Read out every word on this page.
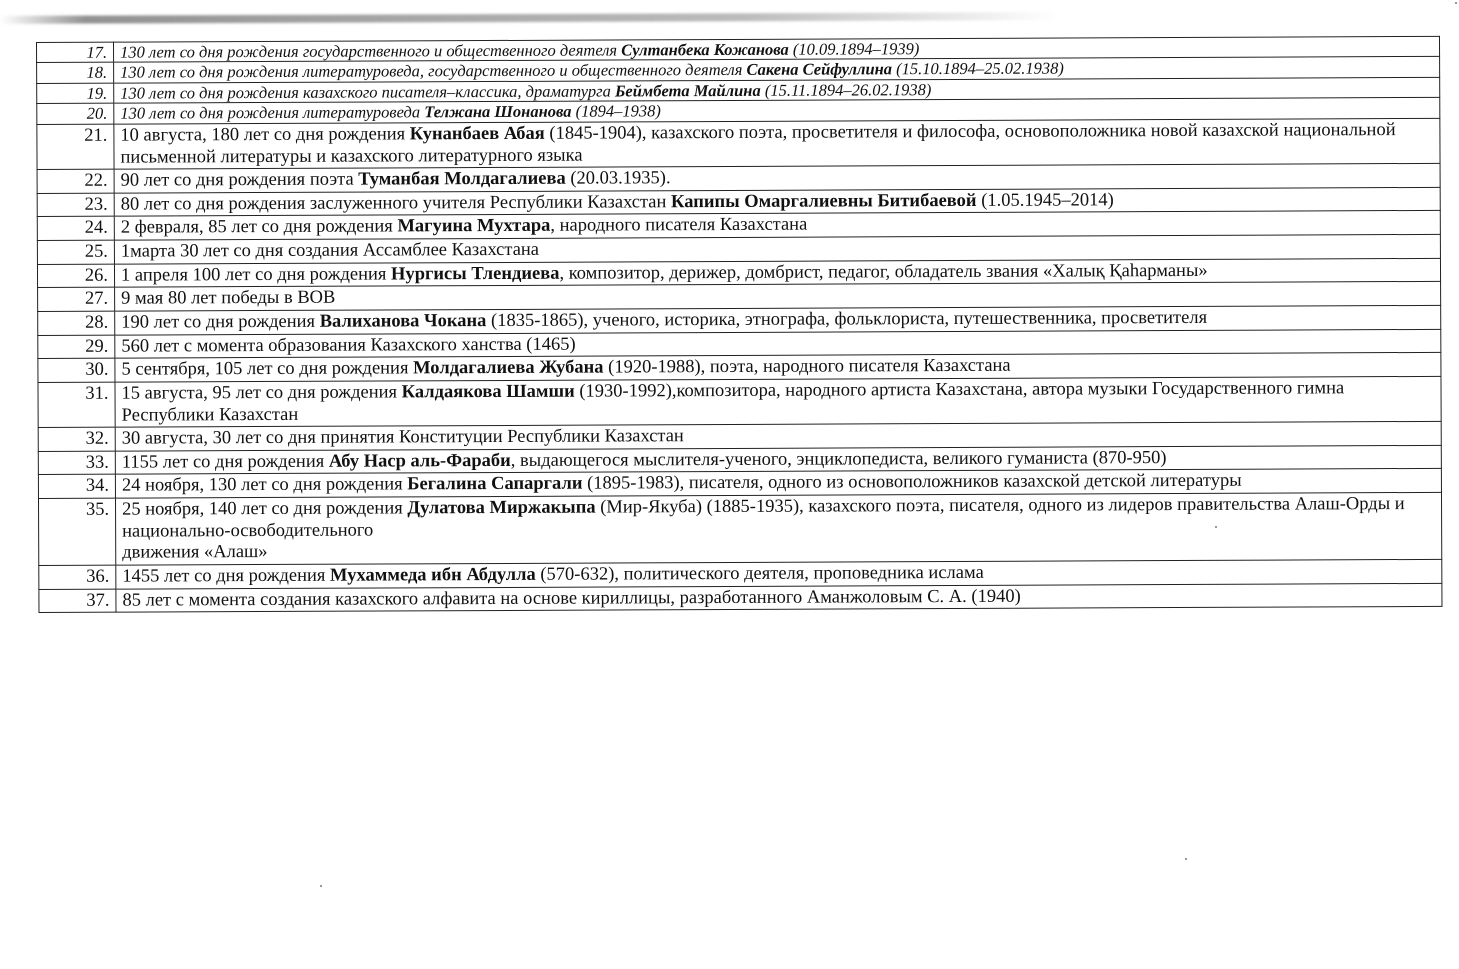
17.	130 лет со дня рождения государственного и общественного деятеля Султанбека Кожанова (10.09.1894–1939)
18.	130 лет со дня рождения литературоведа, государственного и общественного деятеля Сакена Сейфуллина (15.10.1894–25.02.1938)
19.	130 лет со дня рождения казахского писателя–классика, драматурга Беймбета Майлина (15.11.1894–26.02.1938)
20.	130 лет со дня рождения литературоведа Телжана Шонанова (1894–1938)
21.	10 августа, 180 лет со дня рождения Кунанбаев Абая (1845-1904), казахского поэта, просветителя и философа, основоположника новой казахской национальной письменной литературы и казахского литературного языка
22.	90 лет со дня рождения поэта Туманбая Молдагалиева (20.03.1935).
23.	80 лет со дня рождения заслуженного учителя Республики Казахстан Капипы Омаргалиевны Битибаевой (1.05.1945–2014)
24.	2 февраля, 85 лет со дня рождения Магуина Мухтара, народного писателя Казахстана
25.	1марта 30 лет со дня создания Ассамблее Казахстана
26.	1 апреля 100 лет со дня рождения Нургисы Тлендиева, композитор, дерижер, домбрист, педагог, обладатель звания «Халық Қаһарманы»
27.	9 мая 80 лет победы в ВОВ
28.	190 лет со дня рождения Валиханова Чокана (1835-1865), ученого, историка, этнографа, фольклориста, путешественника, просветителя
29.	560 лет с момента образования Казахского ханства (1465)
30.	5 сентября, 105 лет со дня рождения Молдагалиева Жубана (1920-1988), поэта, народного писателя Казахстана
31.	15 августа, 95 лет со дня рождения Калдаякова Шамши (1930-1992),композитора, народного артиста Казахстана, автора музыки Государственного гимна Республики Казахстан
32.	30 августа, 30 лет со дня принятия Конституции Республики Казахстан
33.	1155 лет со дня рождения Абу Наср аль-Фараби, выдающегося мыслителя-ученого, энциклопедиста, великого гуманиста (870-950)
34.	24 ноября, 130 лет со дня рождения Бегалина Сапаргали (1895-1983), писателя, одного из основоположников казахской детской литературы
35.	25 ноября, 140 лет со дня рождения Дулатова Миржакыпа (Мир-Якуба) (1885-1935), казахского поэта, писателя, одного из лидеров правительства Алаш-Орды и национально-освободительного
движения «Алаш»
36.	1455 лет со дня рождения Мухаммеда ибн Абдулла (570-632), политического деятеля, проповедника ислама
37.	85 лет с момента создания казахского алфавита на основе кириллицы, разработанного Аманжоловым С. А. (1940)
